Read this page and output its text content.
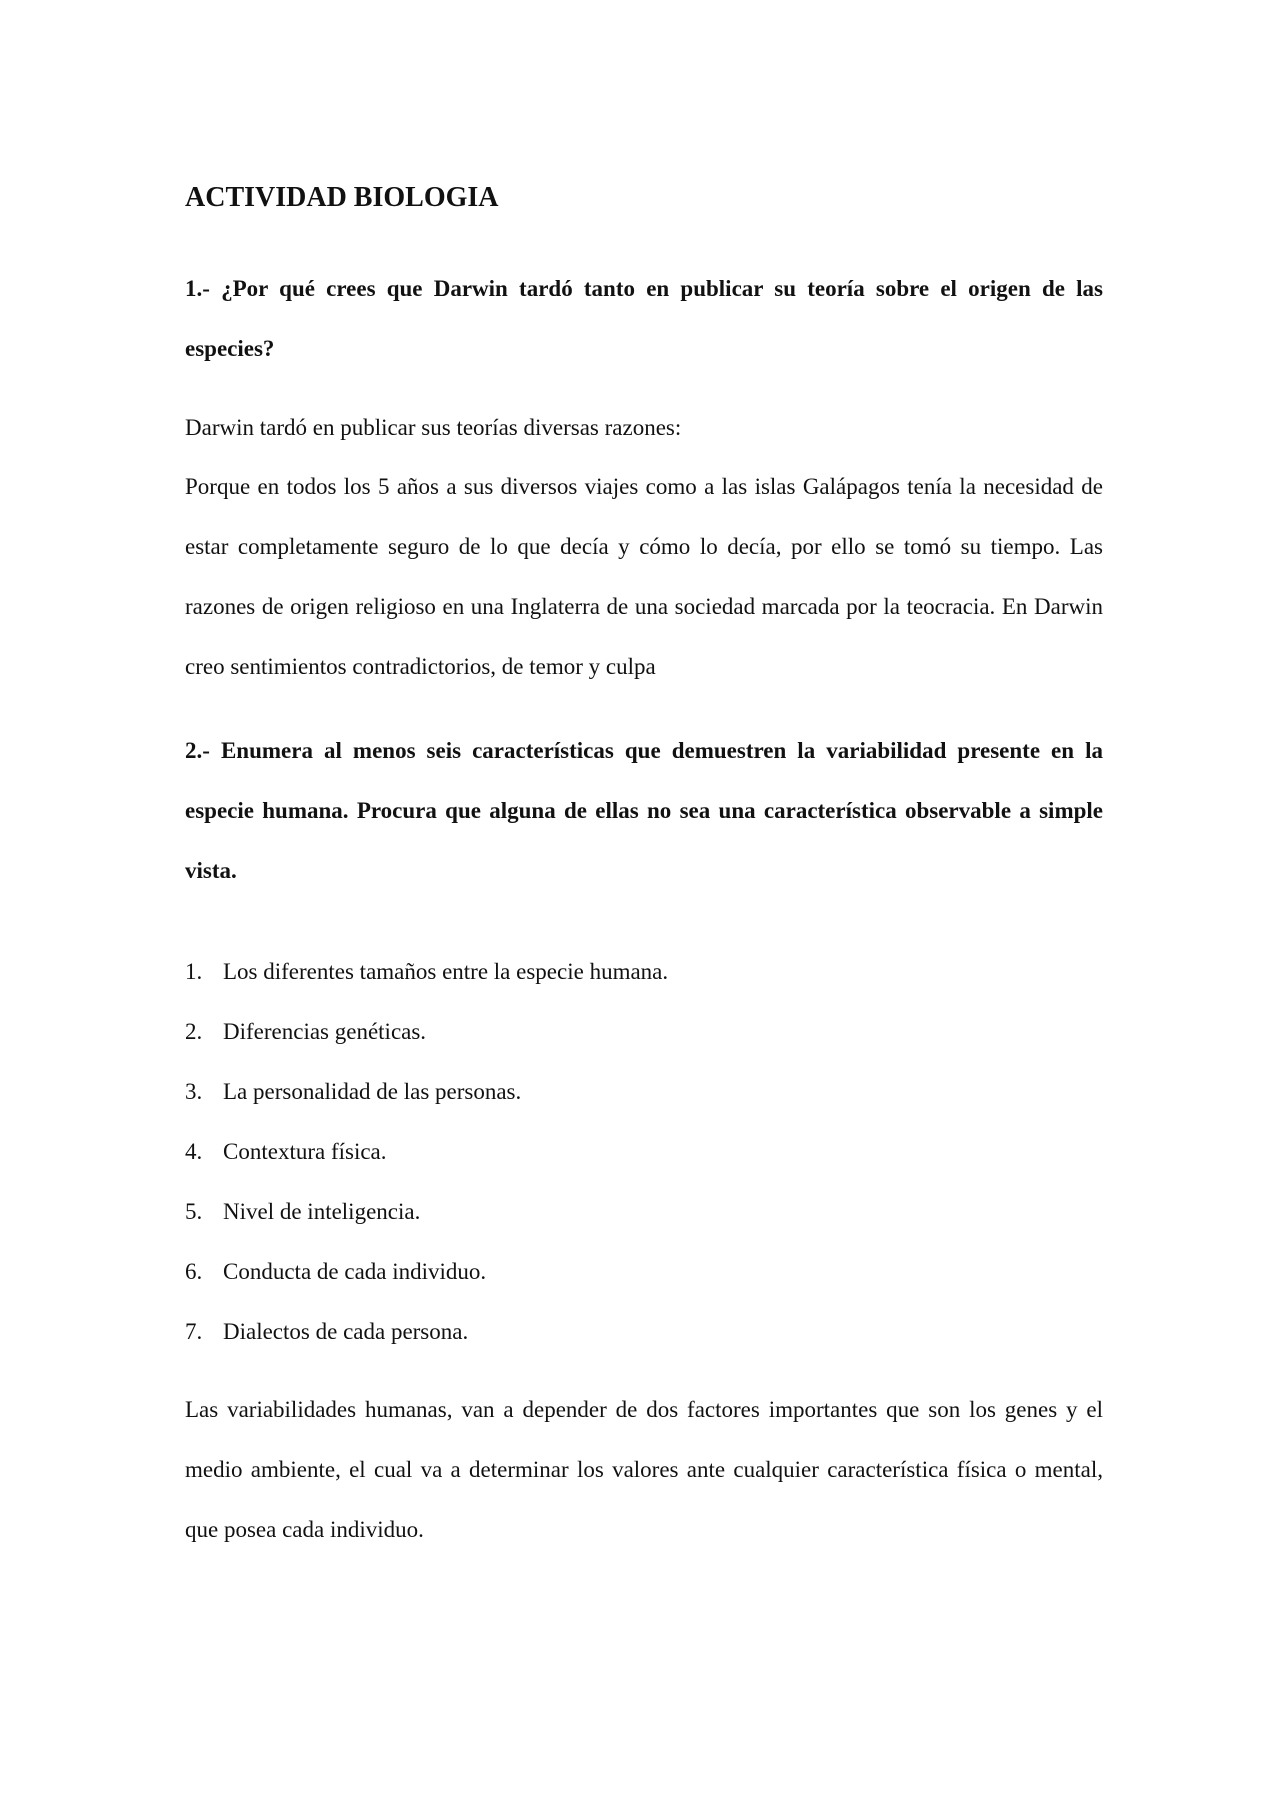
ACTIVIDAD BIOLOGIA

1.- ¿Por qué crees que Darwin tardó tanto en publicar su teoría sobre el origen de las especies?

Darwin tardó en publicar sus teorías diversas razones:

Porque en todos los 5 años a sus diversos viajes como a las islas Galápagos tenía la necesidad de estar completamente seguro de lo que decía y cómo lo decía, por ello se tomó su tiempo. Las razones de origen religioso en una Inglaterra de una sociedad marcada por la teocracia. En Darwin creo sentimientos contradictorios, de temor y culpa

2.- Enumera al menos seis características que demuestren la variabilidad presente en la especie humana. Procura que alguna de ellas no sea una característica observable a simple vista.

1. Los diferentes tamaños entre la especie humana.
2. Diferencias genéticas.
3. La personalidad de las personas.
4. Contextura física.
5. Nivel de inteligencia.
6. Conducta de cada individuo.
7. Dialectos de cada persona.

Las variabilidades humanas, van a depender de dos factores importantes que son los genes y el medio ambiente, el cual va a determinar los valores ante cualquier característica física o mental, que posea cada individuo.
